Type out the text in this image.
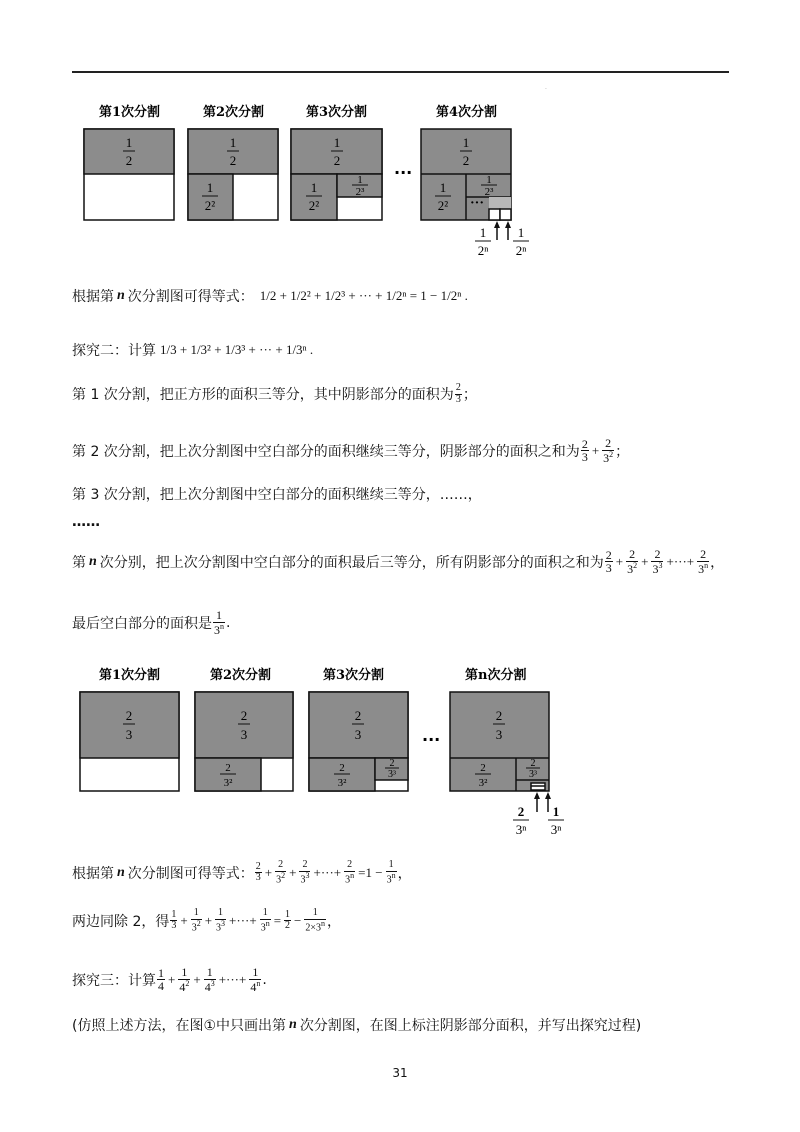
.
第1次分割	第2次分割	第3次分割	第4次分割
···
1
2
1
2
1
2²
1
2
1
2²
1
2³
1
2
1
2²
1
2³
···
1
2ⁿ
1
2ⁿ
根据第 n 次分割图可得等式： 1/2 + 1/2² + 1/2³ + ··· + 1/2ⁿ = 1 − 1/2ⁿ .
探究二：计算 1/3 + 1/3² + 1/3³ + ··· + 1/3ⁿ .
第 1 次分割，把正方形的面积三等分，其中阴影部分的面积为 $\frac{2}{3}$ ；
第 2 次分割，把上次分割图中空白部分的面积继续三等分，阴影部分的面积之和为 $\frac{2}{3} + \frac{2}{3^2}$ ；
第 3 次分割，把上次分割图中空白部分的面积继续三等分，……，
……
第 n 次分别，把上次分割图中空白部分的面积最后三等分，所有阴影部分的面积之和为 $\frac{2}{3} + \frac{2}{3^2} + \frac{2}{3^3}$ +···+ $\frac{2}{3^n}$ ，
最后空白部分的面积是 $\frac{1}{3^n}$ .
第1次分割	第2次分割	第3次分割	第n次分割
···
2
3
2
3
2
3²
2
3
2
3²
2
3³
2
3
2
3²
2
3³
2
3ⁿ
1
3ⁿ
根据第 n 次分制图可得等式： $\frac{2}{3} + \frac{2}{3^2} + \frac{2}{3^3}$ +···+ $\frac{2}{3^n} =1 - \frac{1}{3^n}$ ，
两边同除 2，得 $\frac{1}{3} + \frac{1}{3^2} + \frac{1}{3^3}$ +···+ $\frac{1}{3^n} = \frac{1}{2} - \frac{1}{2\times 3^n}$ ，
探究三：计算 $\frac{1}{4} + \frac{1}{4^2} + \frac{1}{4^3}$ +···+ $\frac{1}{4^n}$ .
(仿照上述方法，在图①中只画出第 n 次分割图，在图上标注阴影部分面积，并写出探究过程)
31
